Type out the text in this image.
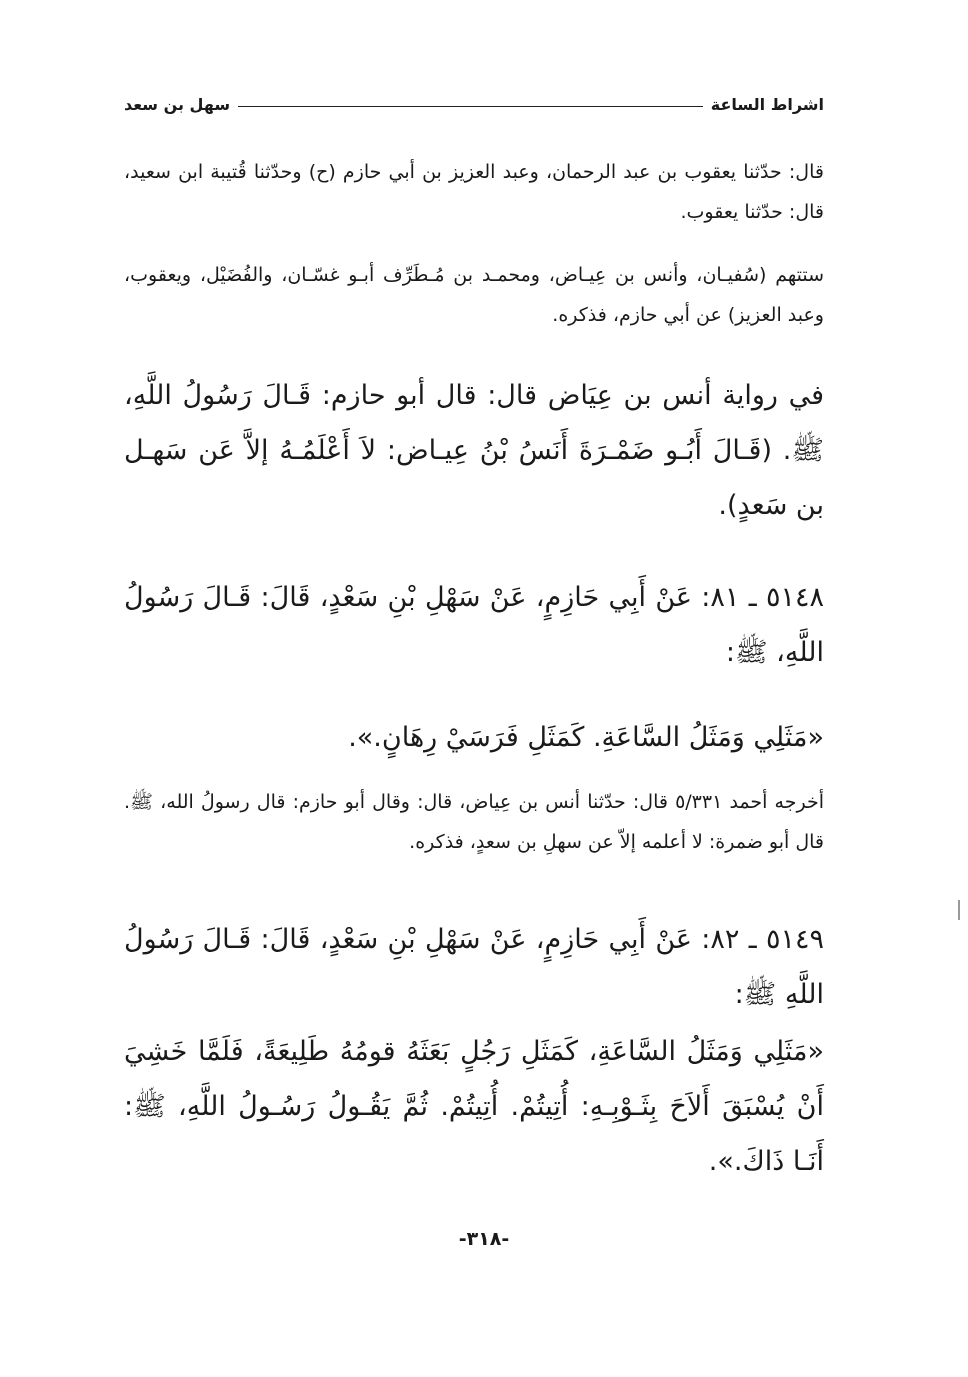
اشراط الساعة
سهل بن سعد

قال: حدّثنا يعقوب بن عبد الرحمان، وعبد العزيز بن أبي حازم (ح) وحدّثنا قُتيبة ابن سعيد، قال: حدّثنا يعقوب.

ستتهم (سُفيـان، وأنس بن عِيـاض، ومحمـد بن مُـطَرِّف أبـو غسّـان، والفُضَيْل، ويعقوب، وعبد العزيز) عن أبي حازم، فذكره.

في رواية أنس بن عِيَاض قال: قال أبو حازم: قَـالَ رَسُولُ اللَّهِ، ﷺ. (قَـالَ أَبُـو ضَمْـرَةَ أَنَسُ بْنُ عِيـاض: لاَ أَعْلَمُـهُ إلاَّ عَن سَهـل بن سَعدٍ).

٥١٤٨ ـ ٨١: عَنْ أَبِي حَازِمٍ، عَنْ سَهْلِ بْنِ سَعْدٍ، قَالَ: قَـالَ رَسُولُ اللَّهِ، ﷺ:

«مَثَلِي وَمَثَلُ السَّاعَةِ. كَمَثَلِ فَرَسَيْ رِهَانٍ.».

أخرجه أحمد ٥/٣٣١ قال: حدّثنا أنس بن عِياض، قال: وقال أبو حازم: قال رسولُ الله، ﷺ. قال أبو ضمرة: لا أعلمه إلاّ عن سهلِ بن سعدٍ، فذكره.

٥١٤٩ ـ ٨٢: عَنْ أَبِي حَازِمٍ، عَنْ سَهْلِ بْنِ سَعْدٍ، قَالَ: قَـالَ رَسُولُ اللَّهِ ﷺ:

«مَثَلِي وَمَثَلُ السَّاعَةِ، كَمَثَلِ رَجُلٍ بَعَثَهُ قومُهُ طَلِيعَةً، فَلَمَّا خَشِيَ أَنْ يُسْبَقَ أَلاَحَ بِثَـوْبِـهِ: أُتِيتُمْ. أُتِيتُمْ. ثُمَّ يَقُـولُ رَسُـولُ اللَّهِ، ﷺ: أَنَـا ذَاكَ.».

-٣١٨-
